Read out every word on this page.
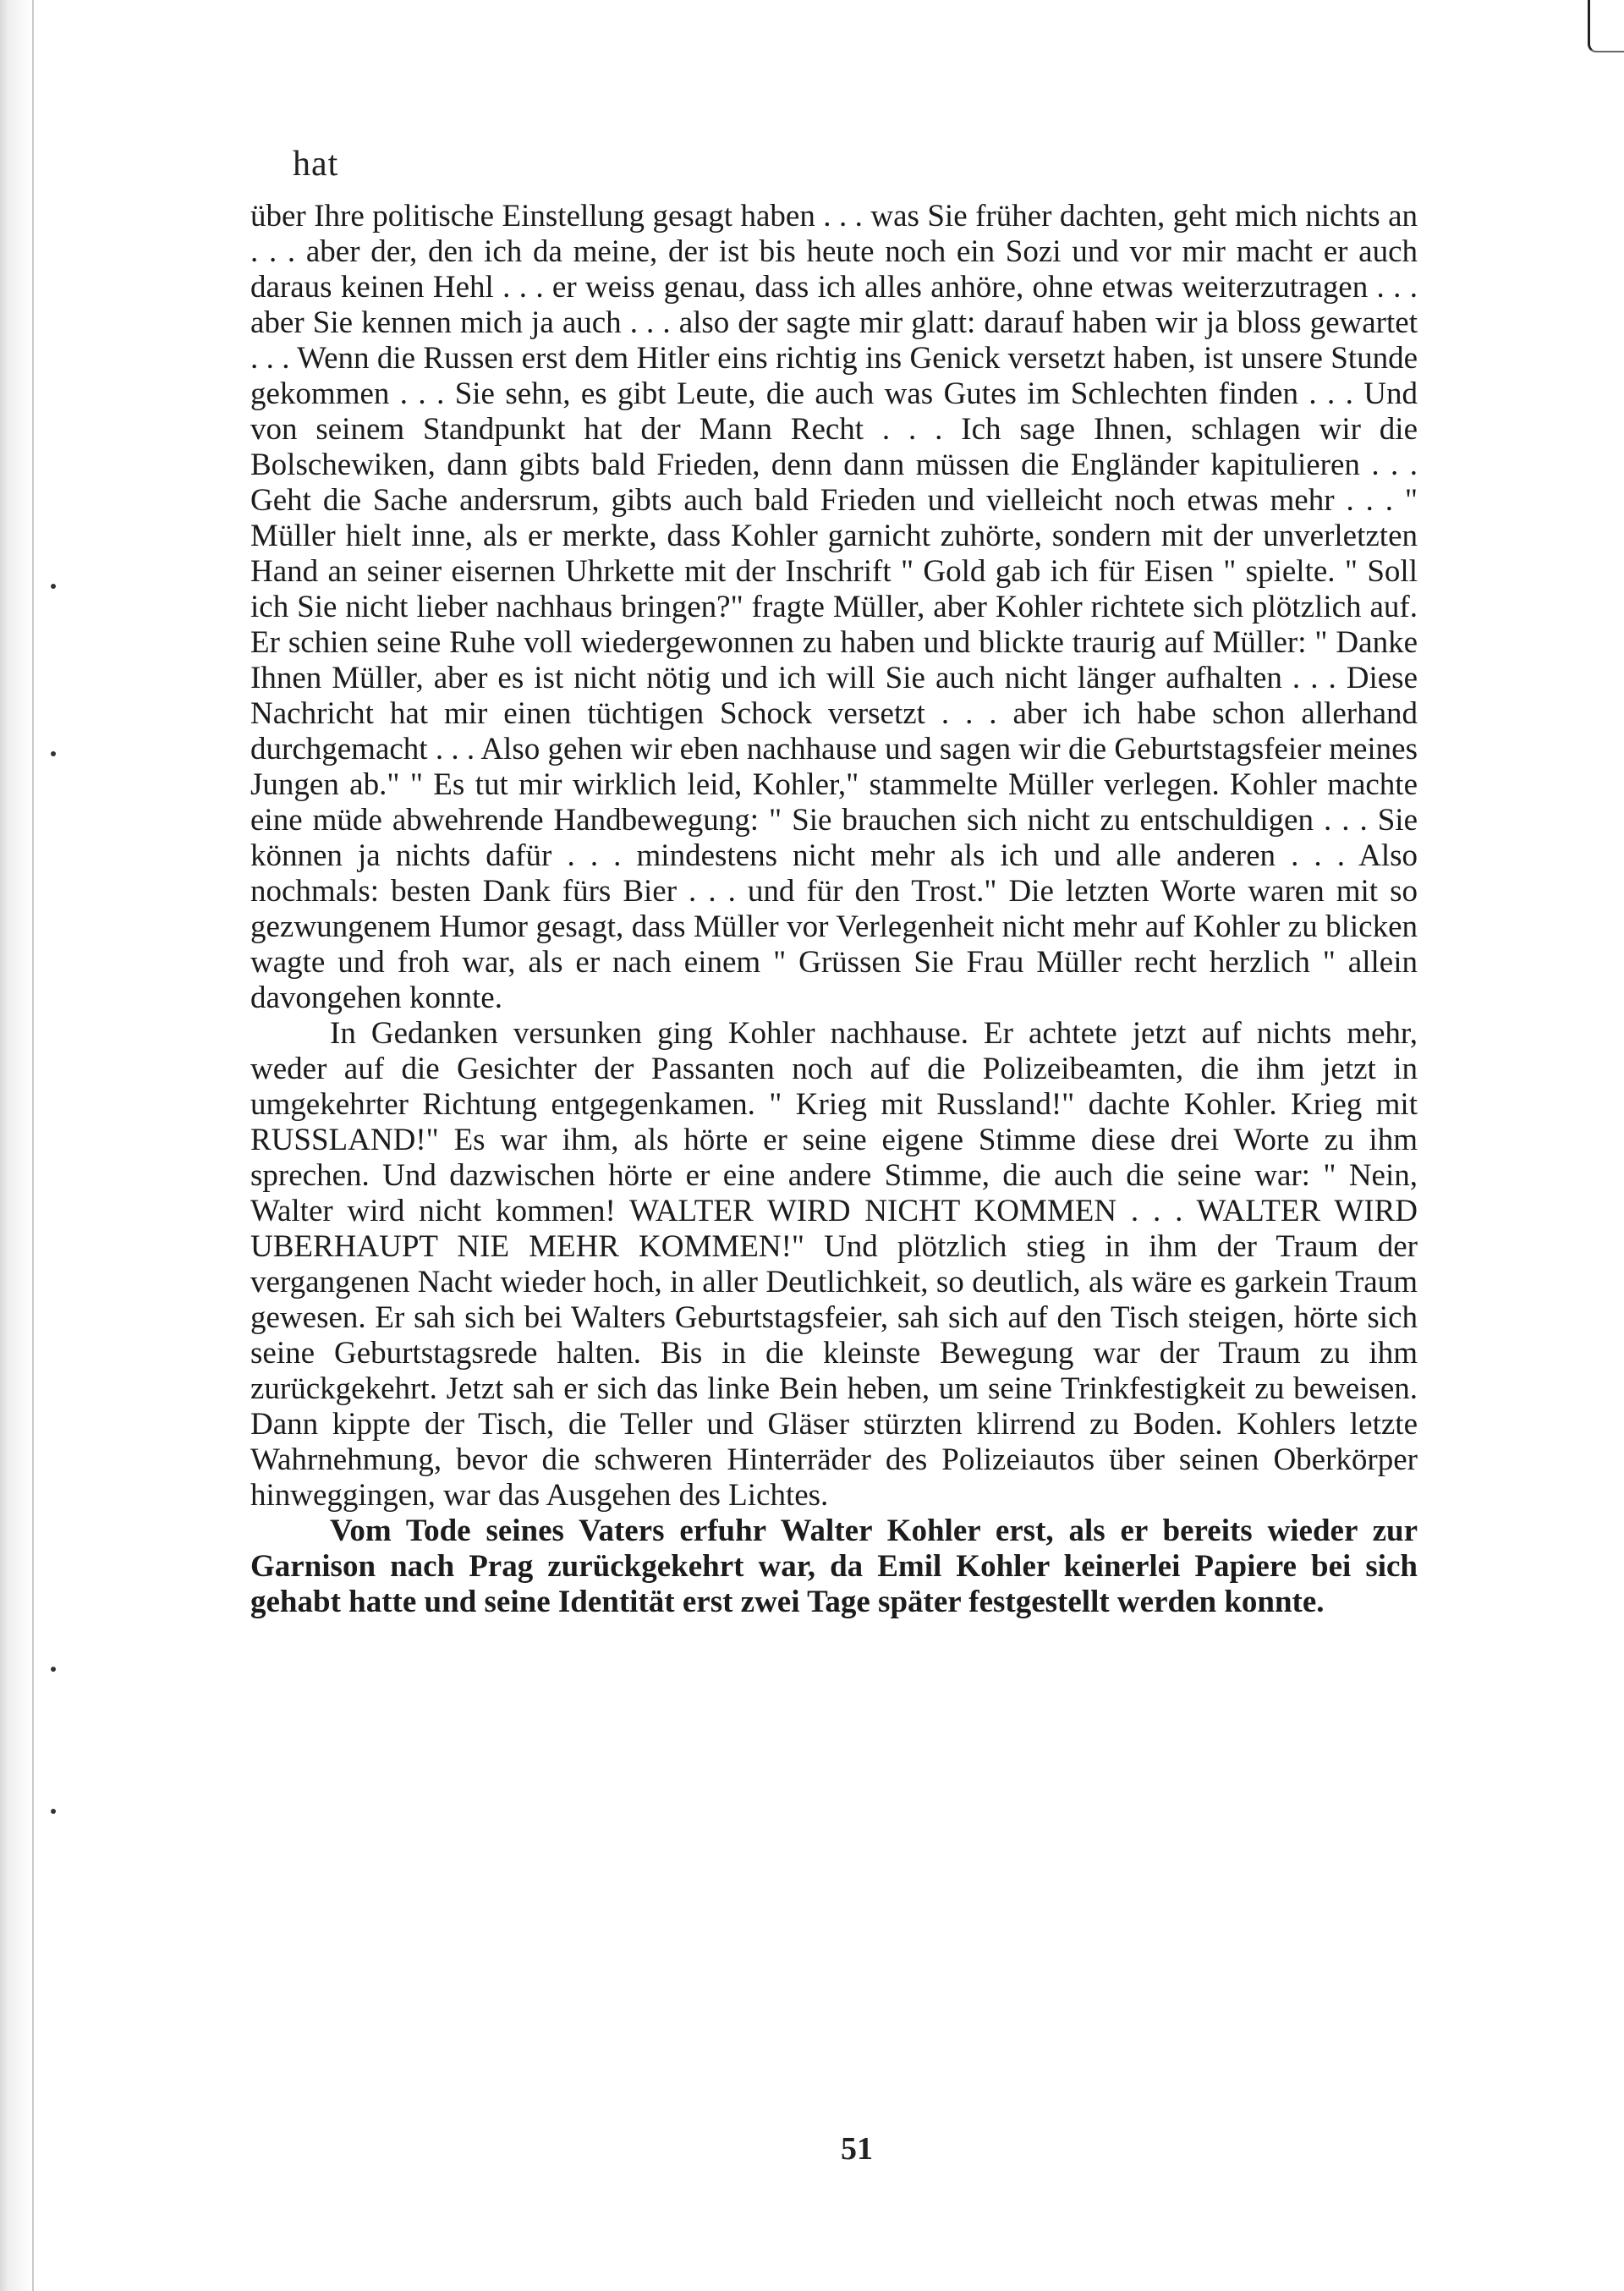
hat

über Ihre politische Einstellung gesagt haben . . . was Sie früher dachten, geht mich nichts an . . . aber der, den ich da meine, der ist bis heute noch ein Sozi und vor mir macht er auch daraus keinen Hehl . . . er weiss genau, dass ich alles anhöre, ohne etwas weiterzutragen . . . aber Sie kennen mich ja auch . . . also der sagte mir glatt: darauf haben wir ja bloss gewartet . . . Wenn die Russen erst dem Hitler eins richtig ins Genick versetzt haben, ist unsere Stunde gekommen . . . Sie sehn, es gibt Leute, die auch was Gutes im Schlechten finden . . . Und von seinem Standpunkt hat der Mann Recht . . . Ich sage Ihnen, schlagen wir die Bolschewiken, dann gibts bald Frieden, denn dann müssen die Engländer kapitulieren . . . Geht die Sache andersrum, gibts auch bald Frieden und vielleicht noch etwas mehr . . . " Müller hielt inne, als er merkte, dass Kohler garnicht zuhörte, sondern mit der unverletzten Hand an seiner eisernen Uhrkette mit der Inschrift " Gold gab ich für Eisen " spielte. " Soll ich Sie nicht lieber nachhaus bringen?" fragte Müller, aber Kohler richtete sich plötzlich auf. Er schien seine Ruhe voll wiedergewonnen zu haben und blickte traurig auf Müller: " Danke Ihnen Müller, aber es ist nicht nötig und ich will Sie auch nicht länger aufhalten . . . Diese Nachricht hat mir einen tüchtigen Schock versetzt . . . aber ich habe schon allerhand durchgemacht . . . Also gehen wir eben nachhause und sagen wir die Geburtstagsfeier meines Jungen ab." " Es tut mir wirklich leid, Kohler," stammelte Müller verlegen. Kohler machte eine müde abwehrende Handbewegung: " Sie brauchen sich nicht zu entschuldigen . . . Sie können ja nichts dafür . . . mindestens nicht mehr als ich und alle anderen . . . Also nochmals: besten Dank fürs Bier . . . und für den Trost." Die letzten Worte waren mit so gezwungenem Humor gesagt, dass Müller vor Verlegenheit nicht mehr auf Kohler zu blicken wagte und froh war, als er nach einem " Grüssen Sie Frau Müller recht herzlich " allein davongehen konnte.

In Gedanken versunken ging Kohler nachhause. Er achtete jetzt auf nichts mehr, weder auf die Gesichter der Passanten noch auf die Polizeibeamten, die ihm jetzt in umgekehrter Richtung entgegenkamen. " Krieg mit Russland!" dachte Kohler. Krieg mit RUSSLAND!" Es war ihm, als hörte er seine eigene Stimme diese drei Worte zu ihm sprechen. Und dazwischen hörte er eine andere Stimme, die auch die seine war: " Nein, Walter wird nicht kommen! WALTER WIRD NICHT KOMMEN . . . WALTER WIRD UBERHAUPT NIE MEHR KOMMEN!" Und plötzlich stieg in ihm der Traum der vergangenen Nacht wieder hoch, in aller Deutlichkeit, so deutlich, als wäre es garkein Traum gewesen. Er sah sich bei Walters Geburtstagsfeier, sah sich auf den Tisch steigen, hörte sich seine Geburtstagsrede halten. Bis in die kleinste Bewegung war der Traum zu ihm zurückgekehrt. Jetzt sah er sich das linke Bein heben, um seine Trinkfestigkeit zu beweisen. Dann kippte der Tisch, die Teller und Gläser stürzten klirrend zu Boden. Kohlers letzte Wahrnehmung, bevor die schweren Hinterräder des Polizeiautos über seinen Oberkörper hinweggingen, war das Ausgehen des Lichtes.

Vom Tode seines Vaters erfuhr Walter Kohler erst, als er bereits wieder zur Garnison nach Prag zurückgekehrt war, da Emil Kohler keinerlei Papiere bei sich gehabt hatte und seine Identität erst zwei Tage später festgestellt werden konnte.

51
